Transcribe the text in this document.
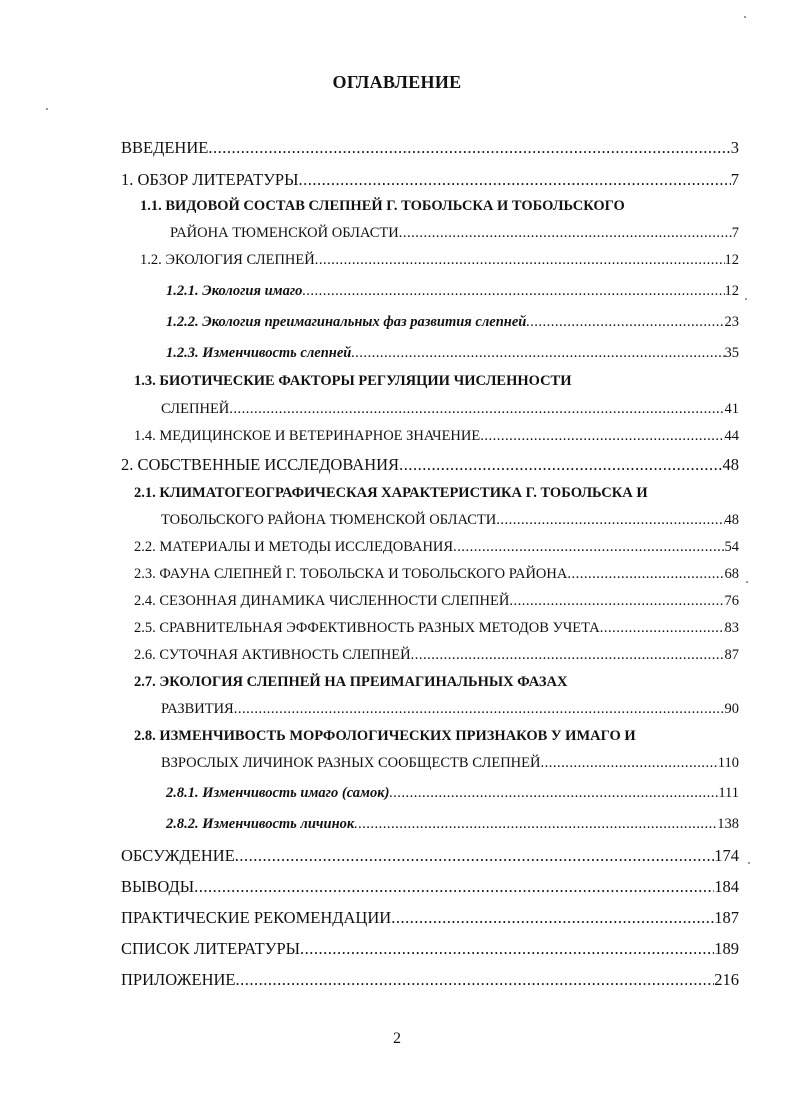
ОГЛАВЛЕНИЕ
ВВЕДЕНИЕ .....	3
1. ОБЗОР ЛИТЕРАТУРЫ .....	7
1.1. ВИДОВОЙ СОСТАВ СЛЕПНЕЙ Г. ТОБОЛЬСКА И ТОБОЛЬСКОГО
РАЙОНА ТЮМЕНСКОЙ ОБЛАСТИ .....	7
1.2. ЭКОЛОГИЯ СЛЕПНЕЙ .....	12
1.2.1. Экология имаго .....	12
1.2.2. Экология преимагинальных фаз развития слепней .....	23
1.2.3. Изменчивость слепней .....	35
1.3. БИОТИЧЕСКИЕ ФАКТОРЫ РЕГУЛЯЦИИ ЧИСЛЕННОСТИ
СЛЕПНЕЙ .....	41
1.4. МЕДИЦИНСКОЕ И ВЕТЕРИНАРНОЕ ЗНАЧЕНИЕ .....	44
2. СОБСТВЕННЫЕ ИССЛЕДОВАНИЯ .....	48
2.1. КЛИМАТОГЕОГРАФИЧЕСКАЯ ХАРАКТЕРИСТИКА Г. ТОБОЛЬСКА И
ТОБОЛЬСКОГО РАЙОНА ТЮМЕНСКОЙ ОБЛАСТИ .....	48
2.2. МАТЕРИАЛЫ И МЕТОДЫ ИССЛЕДОВАНИЯ .....	54
2.3. ФАУНА СЛЕПНЕЙ Г. ТОБОЛЬСКА И ТОБОЛЬСКОГО РАЙОНА .....	68
2.4. СЕЗОННАЯ ДИНАМИКА ЧИСЛЕННОСТИ СЛЕПНЕЙ .....	76
2.5. СРАВНИТЕЛЬНАЯ ЭФФЕКТИВНОСТЬ РАЗНЫХ МЕТОДОВ УЧЕТА .....	83
2.6. СУТОЧНАЯ АКТИВНОСТЬ СЛЕПНЕЙ .....	87
2.7. ЭКОЛОГИЯ СЛЕПНЕЙ НА ПРЕИМАГИНАЛЬНЫХ ФАЗАХ
РАЗВИТИЯ .....	90
2.8. ИЗМЕНЧИВОСТЬ МОРФОЛОГИЧЕСКИХ ПРИЗНАКОВ У ИМАГО И
ВЗРОСЛЫХ ЛИЧИНОК РАЗНЫХ СООБЩЕСТВ СЛЕПНЕЙ .....	110
2.8.1. Изменчивость имаго (самок) .....	111
2.8.2. Изменчивость личинок .....	138
ОБСУЖДЕНИЕ .....	174
ВЫВОДЫ .....	184
ПРАКТИЧЕСКИЕ РЕКОМЕНДАЦИИ .....	187
СПИСОК ЛИТЕРАТУРЫ .....	189
ПРИЛОЖЕНИЕ .....	216
2
